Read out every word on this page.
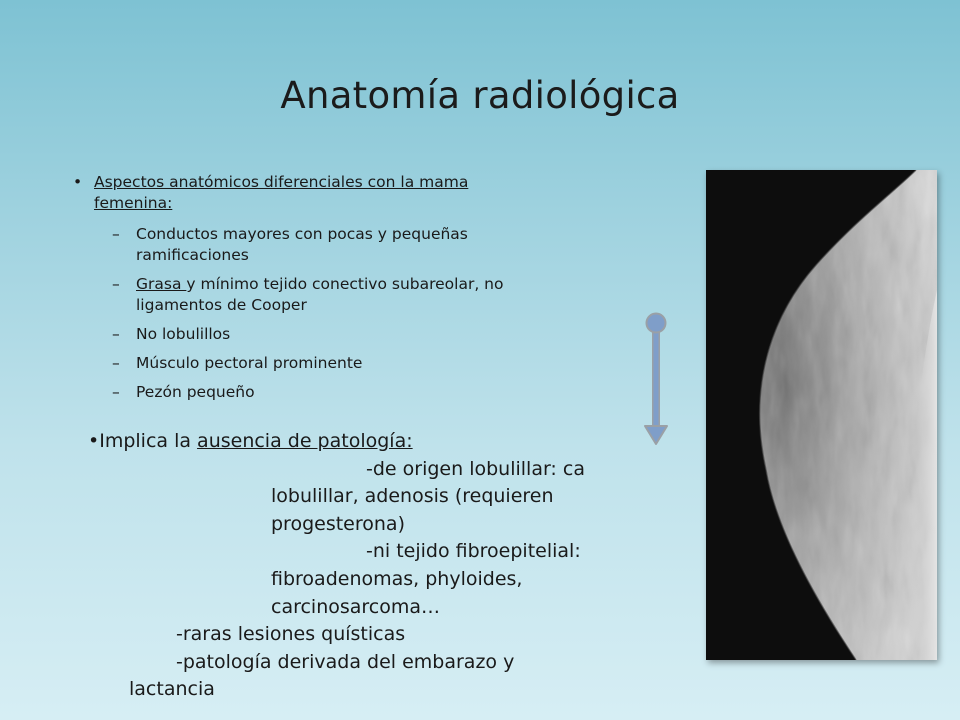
Anatomía radiológica
• Aspectos anatómicos diferenciales con la mama
femenina:
– Conductos mayores con pocas y pequeñas
ramificaciones
– Grasa y mínimo tejido conectivo subareolar, no
ligamentos de Cooper
– No lobulillos
– Músculo pectoral prominente
– Pezón pequeño
•Implica la ausencia de patología:
-de origen lobulillar: ca
lobulillar, adenosis (requieren
progesterona)
-ni tejido fibroepitelial:
fibroadenomas, phyloides,
carcinosarcoma…
-raras lesiones quísticas
-patología derivada del embarazo y
lactancia
